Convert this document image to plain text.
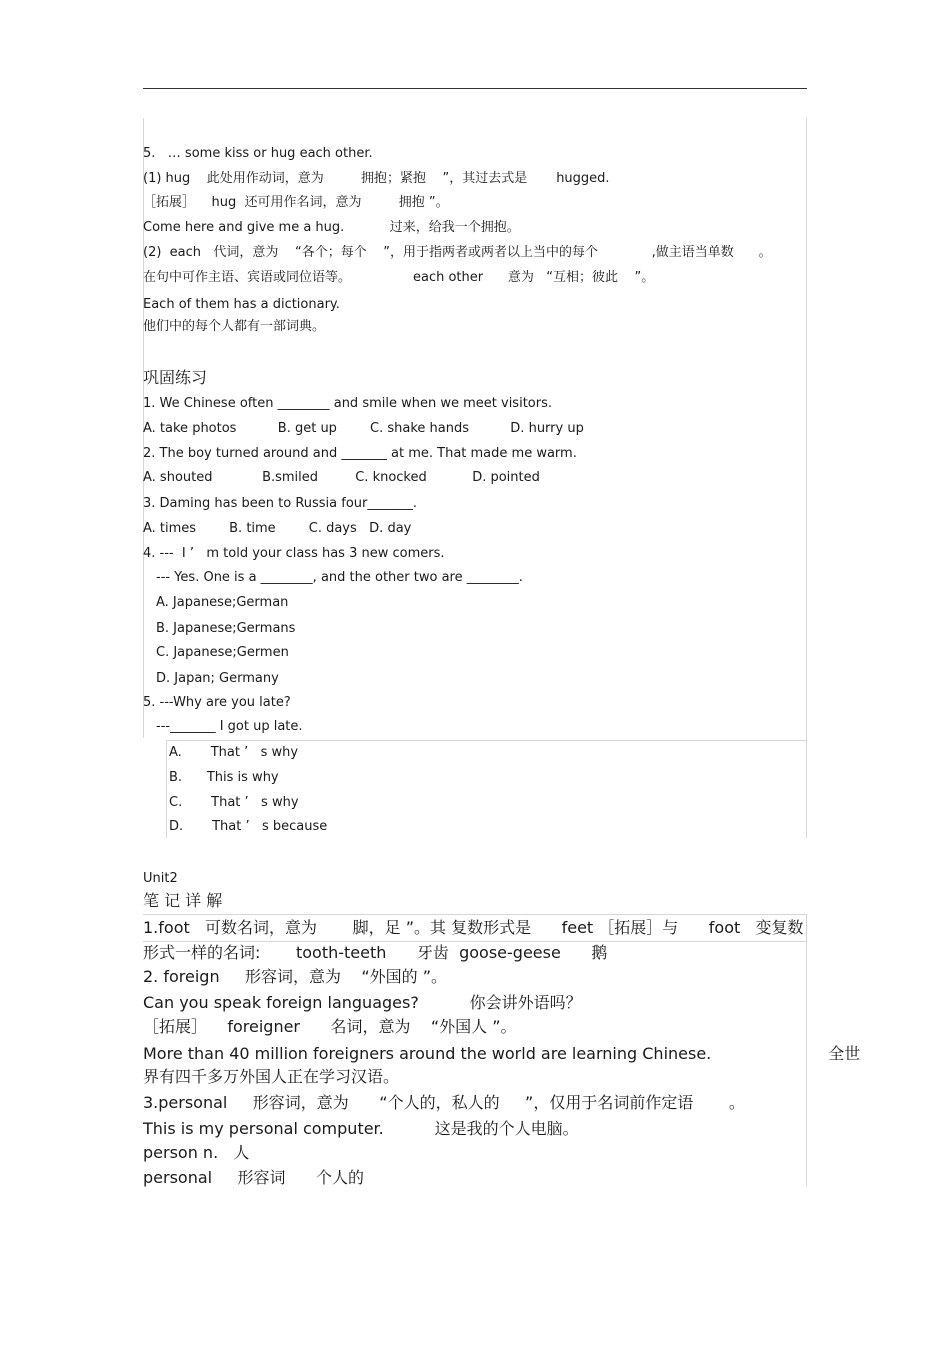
5.   … some kiss or hug each other.
(1) hug    此处用作动词，意为         拥抱；紧抱    ”，其过去式是       hugged.
［拓展］    hug  还可用作名词，意为         拥抱 ”。
Come here and give me a hug.           过来，给我一个拥抱。
(2)  each   代词，意为    “各个；每个    ”，用于指两者或两者以上当中的每个             ,做主语当单数      。
在句中可作主语、宾语或同位语等。               each other      意为   “互相；彼此    ”。
Each of them has a dictionary.
他们中的每个人都有一部词典。
巩固练习
1. We Chinese often ________ and smile when we meet visitors.
A. take photos          B. get up        C. shake hands          D. hurry up
2. The boy turned around and _______ at me. That made me warm.
A. shouted            B.smiled         C. knocked           D. pointed
3. Daming has been to Russia four_______.
A. times        B. time        C. days   D. day
4. ---  I ’   m told your class has 3 new comers.
--- Yes. One is a ________, and the other two are ________.
A. Japanese;German
B. Japanese;Germans
C. Japanese;Germen
D. Japan; Germany
5. ---Why are you late?
---_______ I got up late.
A.       That ’   s why
B.      This is why
C.       That ’   s why
D.       That ’   s because
Unit2
笔 记 详 解
1.foot   可数名词，意为       脚，足 ”。其 复数形式是      feet ［拓展］与      foot   变复数
形式一样的名词:       tooth-teeth      牙齿  goose-geese      鹅
2. foreign     形容词，意为    “外国的 ”。
Can you speak foreign languages?          你会讲外语吗？
［拓展］    foreigner      名词，意为    “外国人 ”。
More than 40 million foreigners around the world are learning Chinese.                       全世
界有四千多万外国人正在学习汉语。
3.personal     形容词，意为      “个人的，私人的     ”，仅用于名词前作定语       。
This is my personal computer.          这是我的个人电脑。
person n.   人
personal     形容词      个人的
